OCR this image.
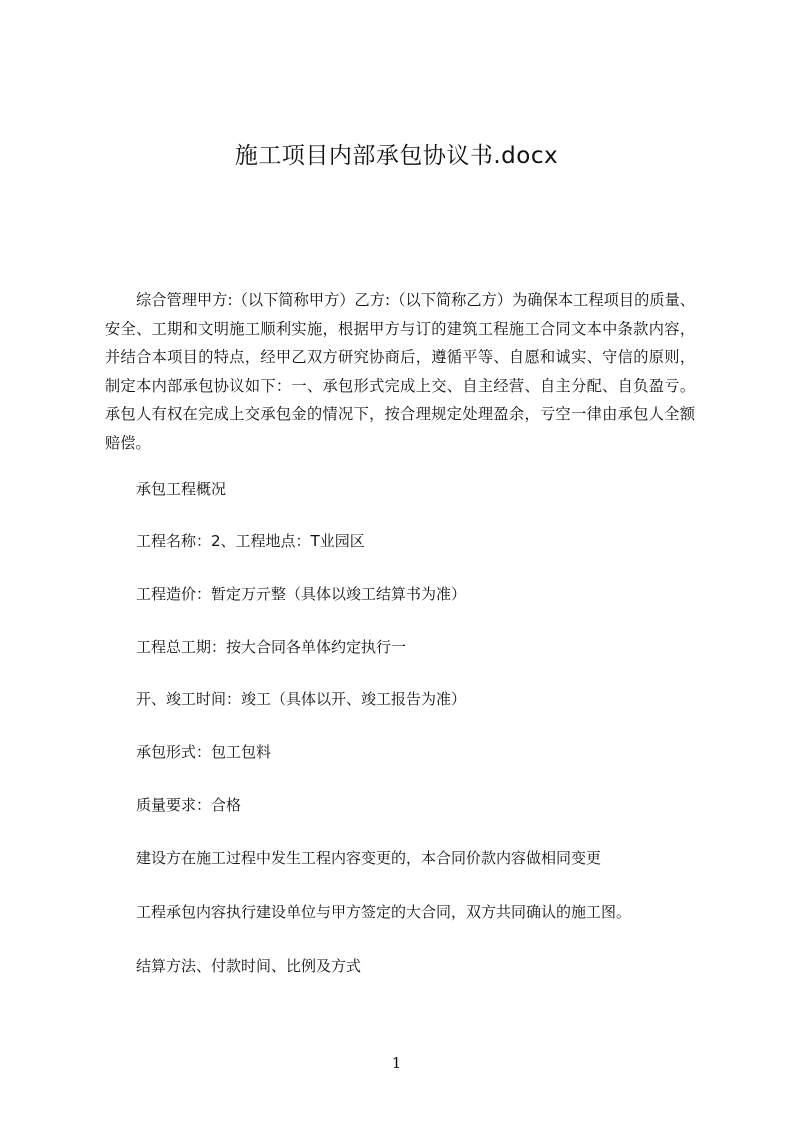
施工项目内部承包协议书.docx

综合管理甲方:（以下简称甲方）乙方:（以下简称乙方）为确保本工程项目的质量、安全、工期和文明施工顺利实施，根据甲方与订的建筑工程施工合同文本中条款内容，并结合本项目的特点，经甲乙双方研究协商后，遵循平等、自愿和诚实、守信的原则，制定本内部承包协议如下：一、承包形式完成上交、自主经营、自主分配、自负盈亏。承包人有权在完成上交承包金的情况下，按合理规定处理盈余，亏空一律由承包人全额赔偿。

承包工程概况

工程名称：2、工程地点：T业园区

工程造价：暂定万亓整（具体以竣工结算书为准）

工程总工期：按大合同各单体约定执行一

开、竣工时间：竣工（具体以开、竣工报告为准）

承包形式：包工包料

质量要求：合格

建设方在施工过程中发生工程内容变更的，本合同价款内容做相同变更

工程承包内容执行建设单位与甲方签定的大合同，双方共同确认的施工图。

结算方法、付款时间、比例及方式

1
